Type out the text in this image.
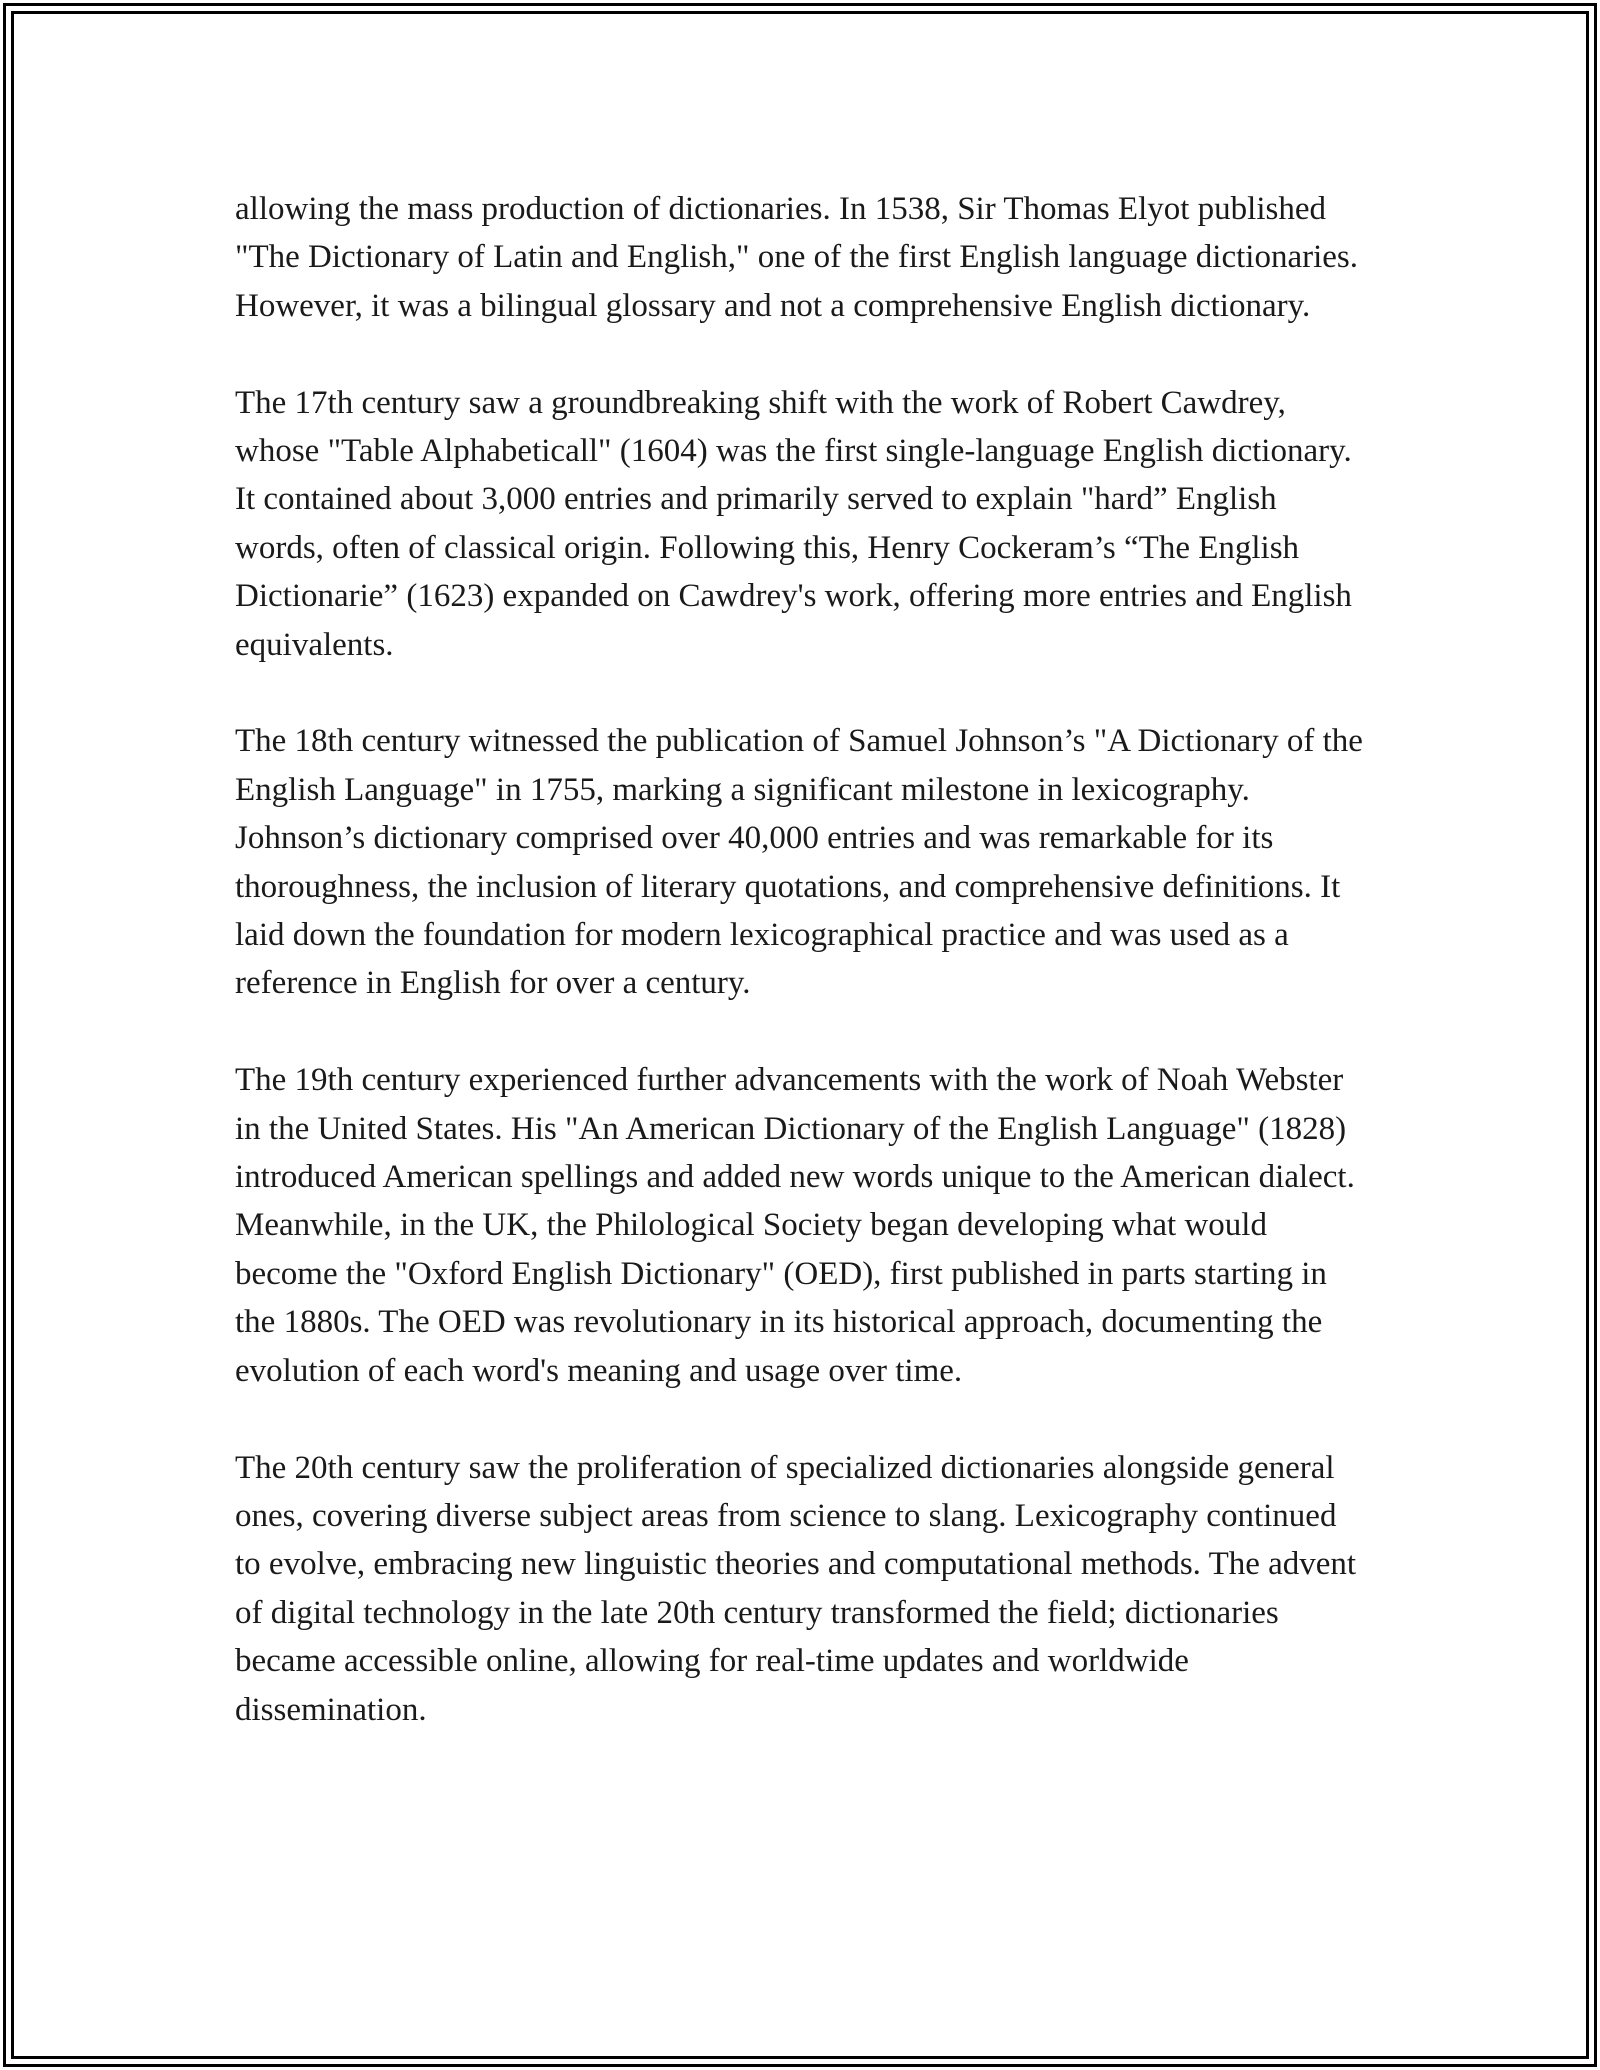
allowing the mass production of dictionaries. In 1538, Sir Thomas Elyot published "The Dictionary of Latin and English," one of the first English language dictionaries. However, it was a bilingual glossary and not a comprehensive English dictionary.

The 17th century saw a groundbreaking shift with the work of Robert Cawdrey, whose "Table Alphabeticall" (1604) was the first single-language English dictionary. It contained about 3,000 entries and primarily served to explain "hard” English words, often of classical origin. Following this, Henry Cockeram’s “The English Dictionarie” (1623) expanded on Cawdrey's work, offering more entries and English equivalents.

The 18th century witnessed the publication of Samuel Johnson’s "A Dictionary of the English Language" in 1755, marking a significant milestone in lexicography. Johnson’s dictionary comprised over 40,000 entries and was remarkable for its thoroughness, the inclusion of literary quotations, and comprehensive definitions. It laid down the foundation for modern lexicographical practice and was used as a reference in English for over a century.

The 19th century experienced further advancements with the work of Noah Webster in the United States. His "An American Dictionary of the English Language" (1828) introduced American spellings and added new words unique to the American dialect. Meanwhile, in the UK, the Philological Society began developing what would become the "Oxford English Dictionary" (OED), first published in parts starting in the 1880s. The OED was revolutionary in its historical approach, documenting the evolution of each word's meaning and usage over time.

The 20th century saw the proliferation of specialized dictionaries alongside general ones, covering diverse subject areas from science to slang. Lexicography continued to evolve, embracing new linguistic theories and computational methods. The advent of digital technology in the late 20th century transformed the field; dictionaries became accessible online, allowing for real-time updates and worldwide dissemination.
